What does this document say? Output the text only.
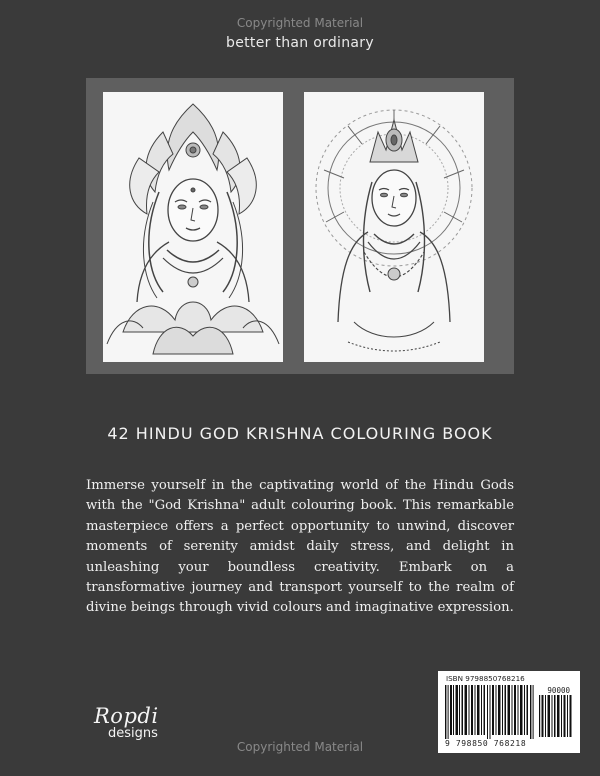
Copyrighted Material
better than ordinary
42 HINDU GOD KRISHNA COLOURING BOOK
Immerse yourself in the captivating world of the Hindu Gods with the "God Krishna" adult colouring book. This remarkable masterpiece offers a perfect opportunity to unwind, discover moments of serenity amidst daily stress, and delight in unleashing your boundless creativity. Embark on a transformative journey and transport yourself to the realm of divine beings through vivid colours and imaginative expression.
ISBN 9798850768216
90000
9 798850 768218
Ropdi
designs
Copyrighted Material
